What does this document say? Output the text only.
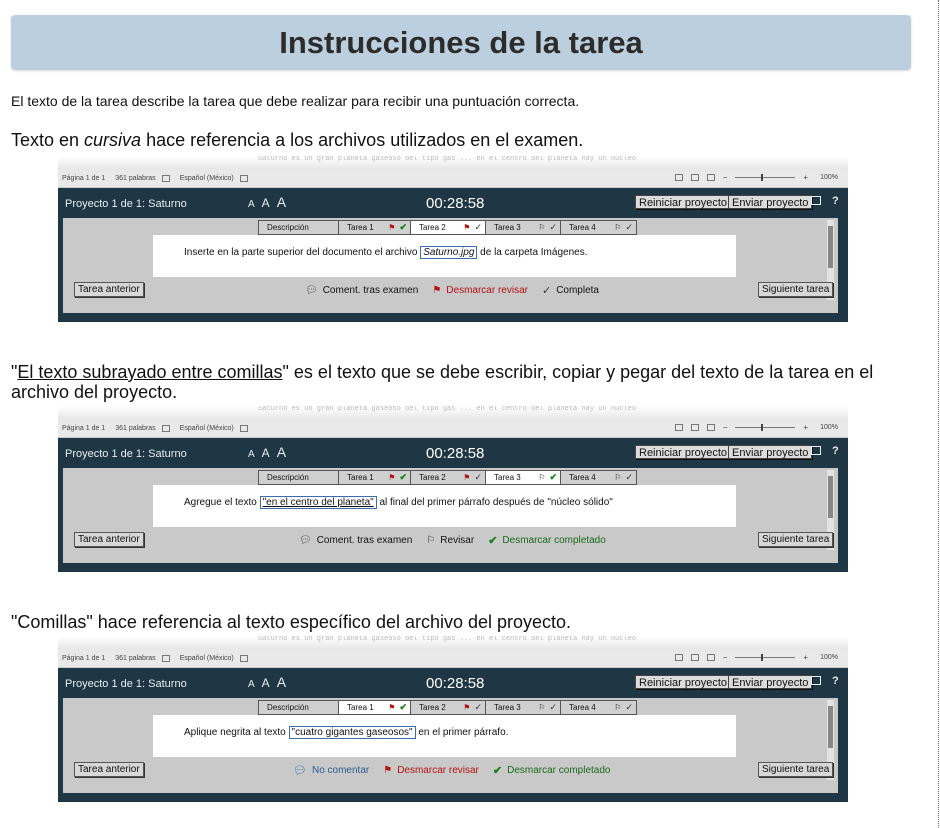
Instrucciones de la tarea
El texto de la tarea describe la tarea que debe realizar para recibir una puntuación correcta.
Texto en cursiva hace referencia a los archivos utilizados en el examen.
Saturno es un gran planeta gaseoso del tipo gas ... en el centro del planeta hay un nucleo
Página 1 de 1 361 palabras	Español (México)	−	+ 100%
Proyecto 1 de 1: Saturno	A A A	00:28:58	Reiniciar proyecto Enviar proyecto	?
Descripción	Tarea 1 ⚑ ✔ Tarea 2 ⚑ ✓ Tarea 3 ⚐ ✓ Tarea 4 ⚐ ✓
Inserte en la parte superior del documento el archivo Saturno.jpg de la carpeta Imágenes.
Tarea anterior	💬︎ Coment. tras examen ⚑ Desmarcar revisar ✓ Completa	Siguiente tarea
"El texto subrayado entre comillas" es el texto que se debe escribir, copiar y pegar del texto de la tarea en el archivo del proyecto.
Saturno es un gran planeta gaseoso del tipo gas ... en el centro del planeta hay un nucleo
Página 1 de 1 361 palabras	Español (México)	−	+ 100%
Proyecto 1 de 1: Saturno	A A A	00:28:58	Reiniciar proyecto Enviar proyecto	?
Descripción	Tarea 1 ⚑ ✔ Tarea 2 ⚑ ✓ Tarea 3 ⚐ ✔ Tarea 4 ⚐ ✓
Agregue el texto "en el centro del planeta" al final del primer párrafo después de "núcleo sólido"
Tarea anterior	💬︎ Coment. tras examen ⚐ Revisar ✔ Desmarcar completado	Siguiente tarea
"Comillas" hace referencia al texto específico del archivo del proyecto.
Saturno es un gran planeta gaseoso del tipo gas ... en el centro del planeta hay un nucleo
Página 1 de 1 361 palabras	Español (México)	−	+ 100%
Proyecto 1 de 1: Saturno	A A A	00:28:58	Reiniciar proyecto Enviar proyecto	?
Descripción	Tarea 1 ⚑ ✔ Tarea 2 ⚑ ✓ Tarea 3 ⚐ ✓ Tarea 4 ⚐ ✓
Aplique negrita al texto "cuatro gigantes gaseosos" en el primer párrafo.
Tarea anterior	💬︎ No comentar ⚑ Desmarcar revisar ✔ Desmarcar completado	Siguiente tarea
